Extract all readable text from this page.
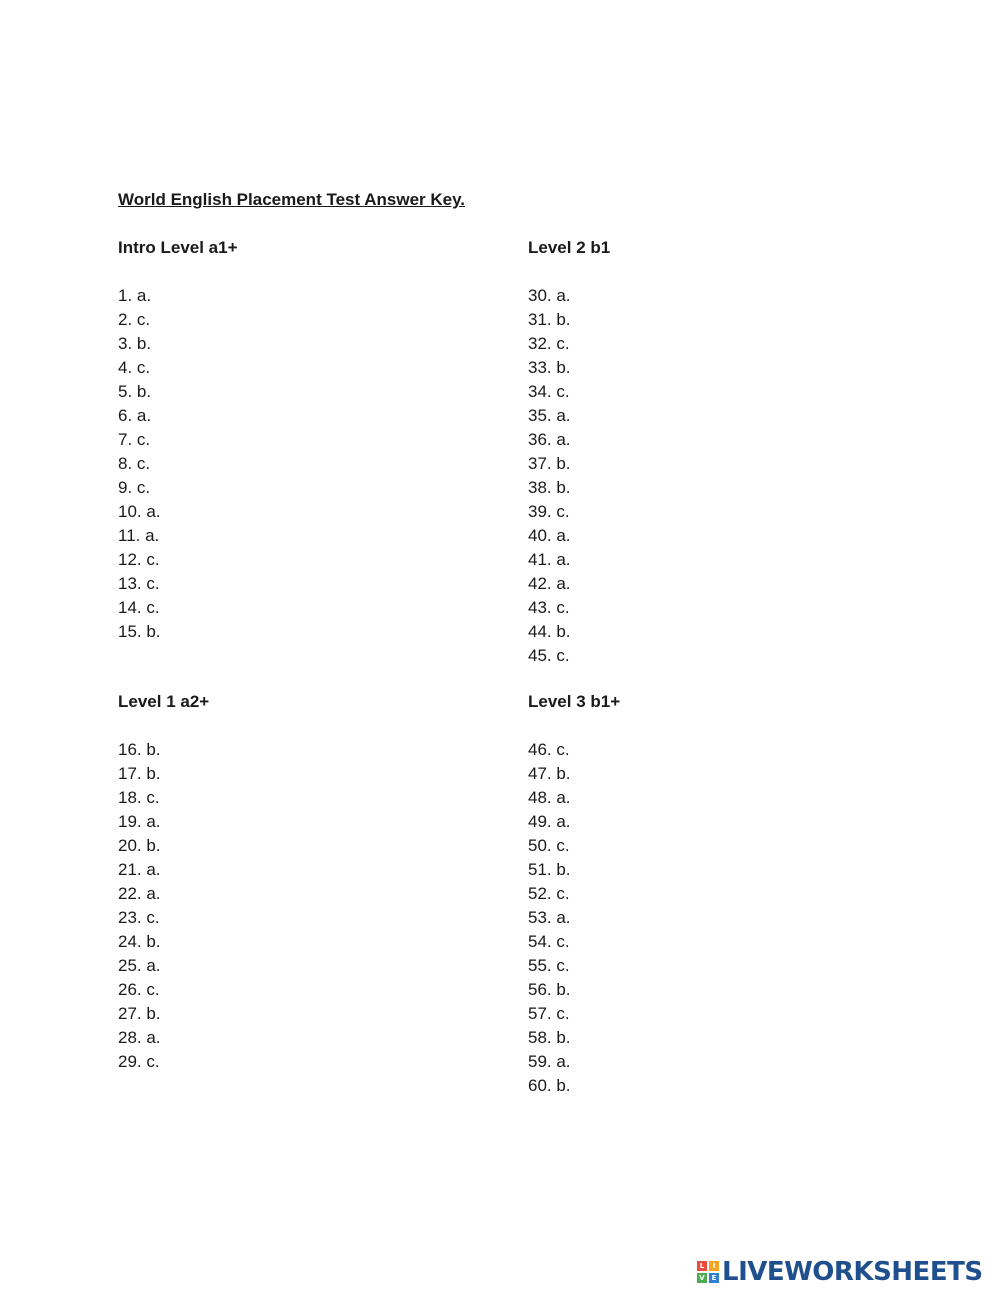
World English Placement Test Answer Key.
Intro Level a1+
1. a.
2. c.
3. b.
4. c.
5. b.
6. a.
7. c.
8. c.
9. c.
10. a.
11. a.
12. c.
13. c.
14. c.
15. b.
Level 2 b1
30. a.
31. b.
32. c.
33. b.
34. c.
35. a.
36. a.
37. b.
38. b.
39. c.
40. a.
41. a.
42. a.
43. c.
44. b.
45. c.
Level 1 a2+
16. b.
17. b.
18. c.
19. a.
20. b.
21. a.
22. a.
23. c.
24. b.
25. a.
26. c.
27. b.
28. a.
29. c.
Level 3 b1+
46. c.
47. b.
48. a.
49. a.
50. c.
51. b.
52. c.
53. a.
54. c.
55. c.
56. b.
57. c.
58. b.
59. a.
60. b.
L	I
V E LIVEWORKSHEETS
